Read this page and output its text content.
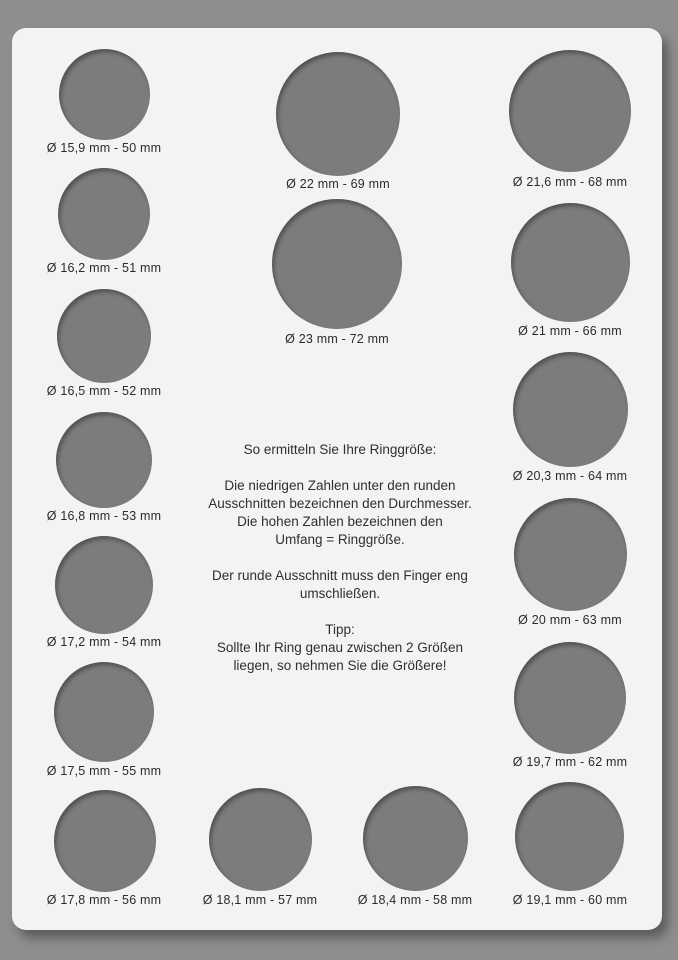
Ø 15,9 mm - 50 mm
Ø 16,2 mm - 51 mm
Ø 16,5 mm - 52 mm
Ø 16,8 mm - 53 mm
Ø 17,2 mm - 54 mm
Ø 17,5 mm - 55 mm
Ø 17,8 mm - 56 mm	Ø 18,1 mm - 57 mm	Ø 18,4 mm - 58 mm	Ø 19,1 mm - 60 mm
Ø 19,7 mm - 62 mm
Ø 20 mm - 63 mm
Ø 20,3 mm - 64 mm
Ø 21 mm - 66 mm
Ø 21,6 mm - 68 mm
Ø 22 mm - 69 mm
Ø 23 mm - 72 mm

So ermitteln Sie Ihre Ringgröße:

Die niedrigen Zahlen unter den runden
Ausschnitten bezeichnen den Durchmesser.
Die hohen Zahlen bezeichnen den
Umfang = Ringgröße.

Der runde Ausschnitt muss den Finger eng
umschließen.

Tipp:
Sollte Ihr Ring genau zwischen 2 Größen
liegen, so nehmen Sie die Größere!
